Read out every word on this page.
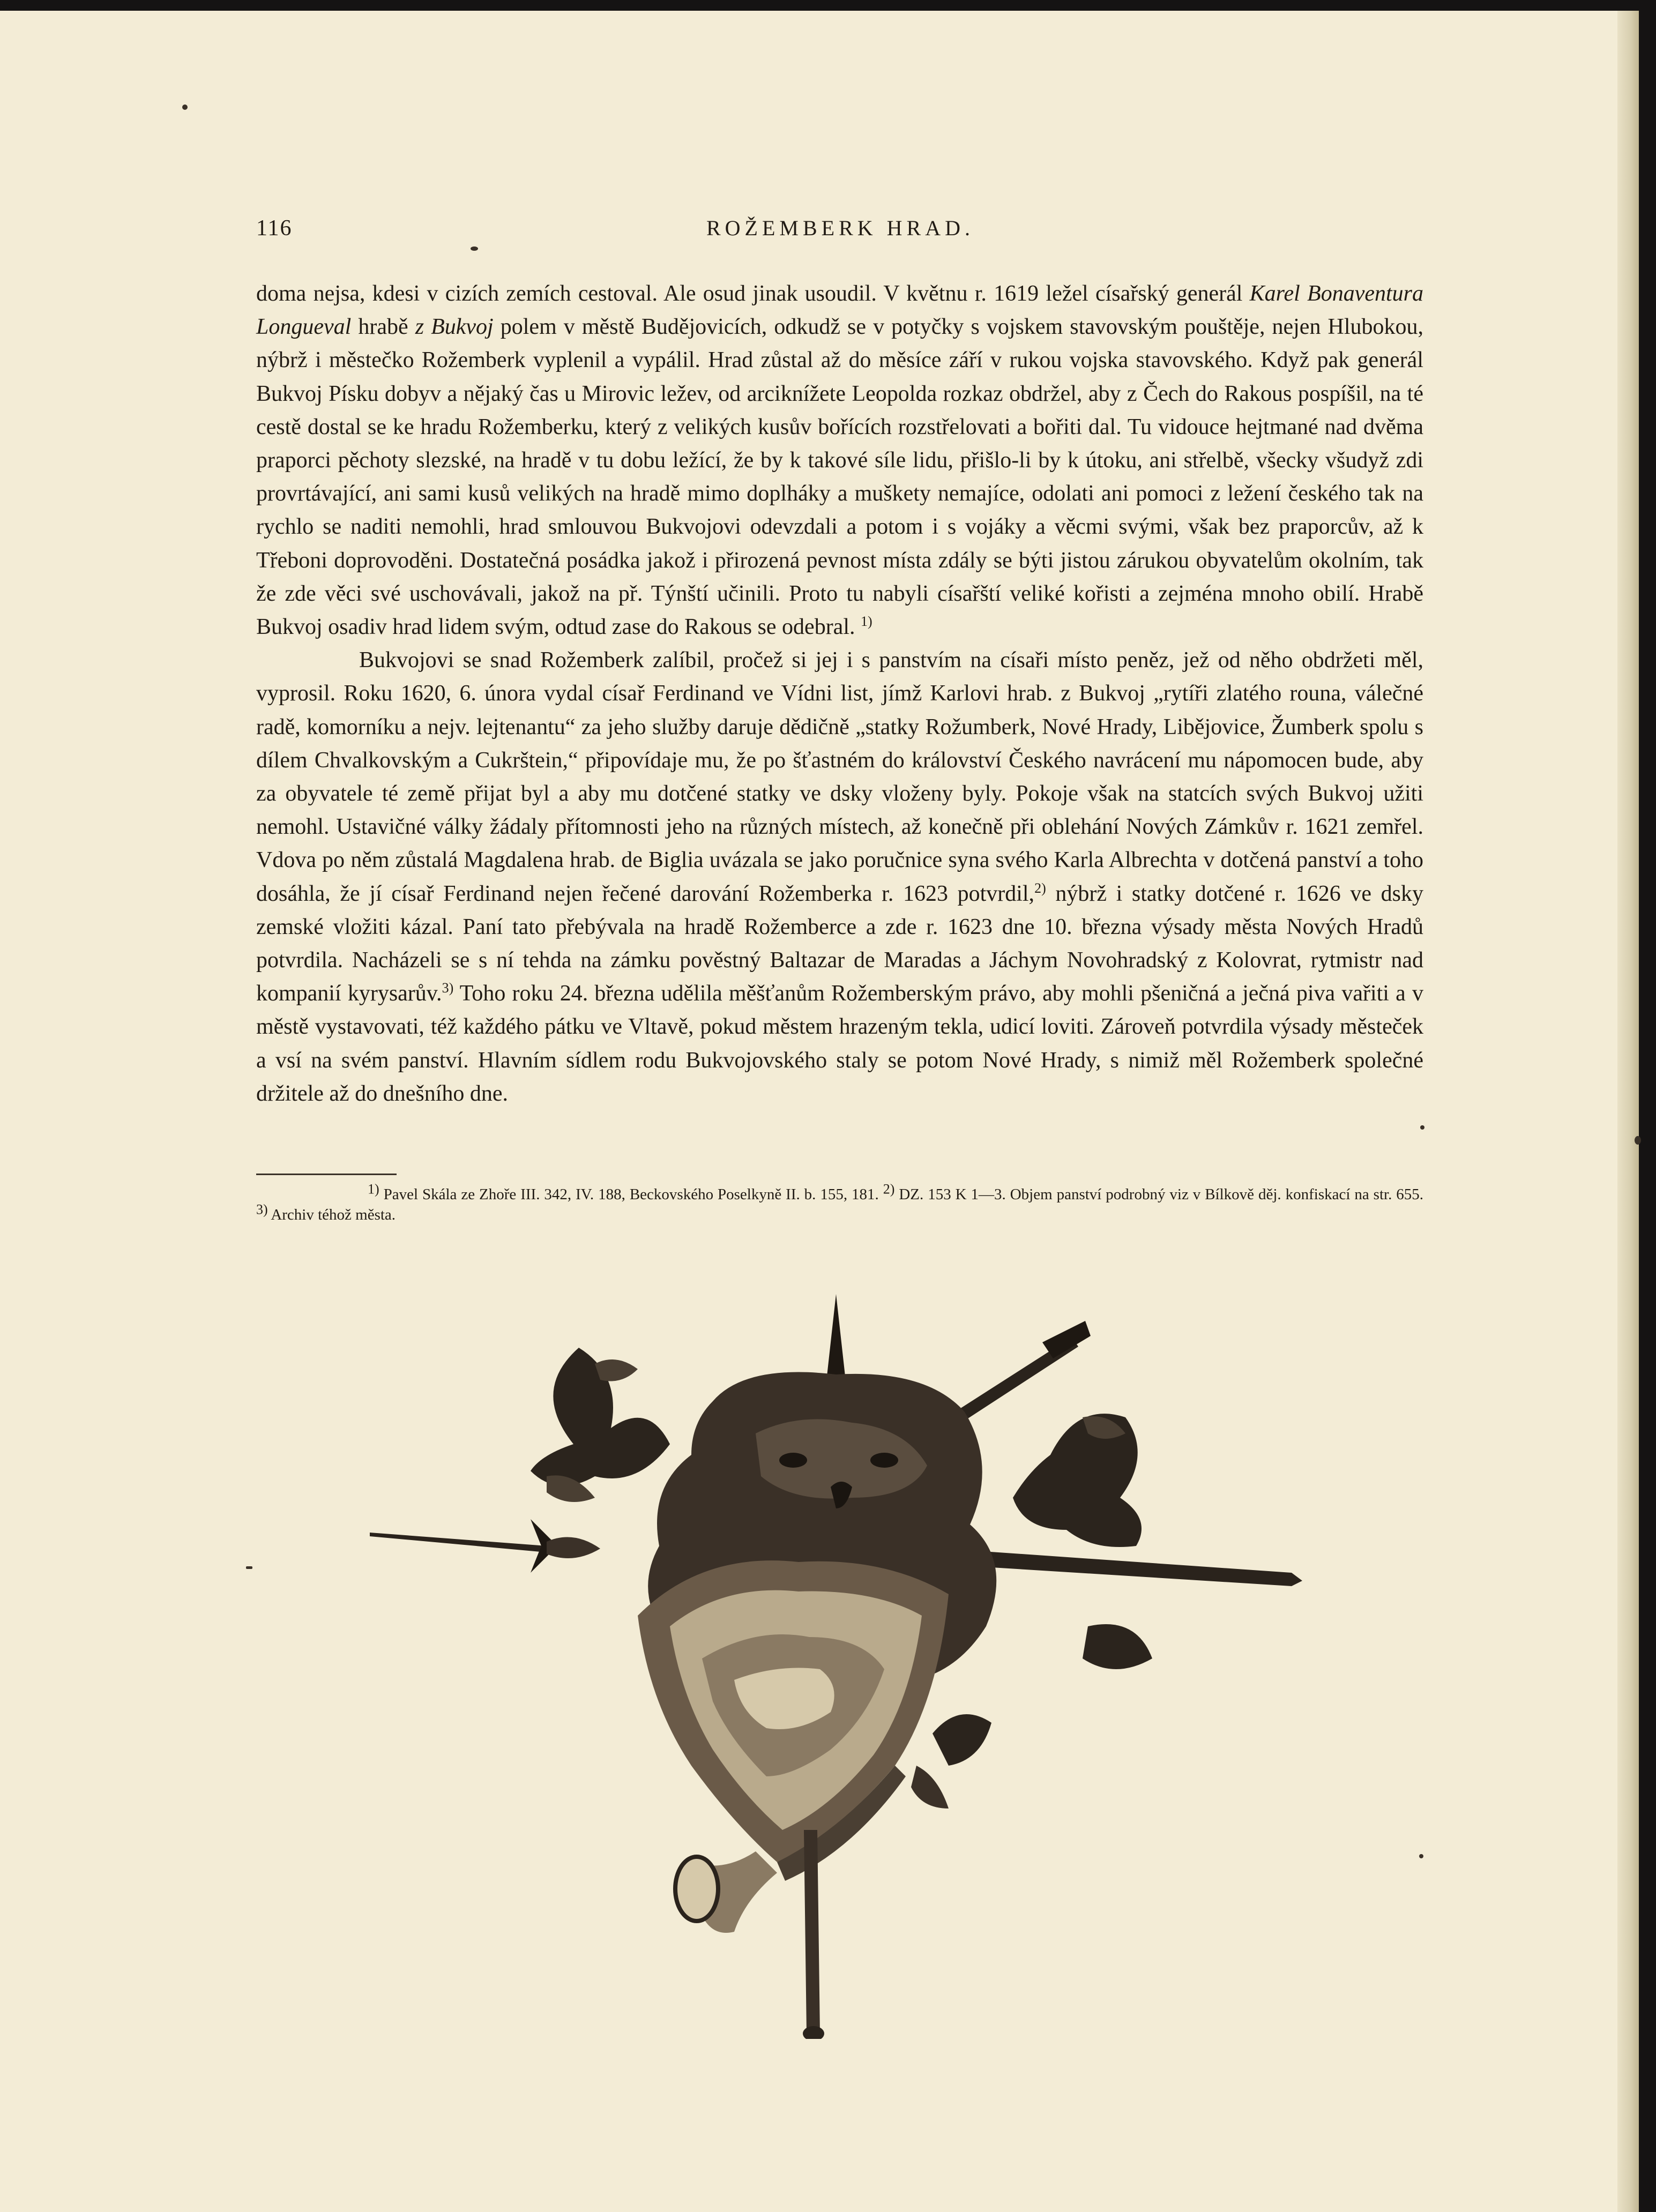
116	ROŽEMBERK HRAD.

doma nejsa, kdesi v cizích zemích cestoval. Ale osud jinak usoudil. V květnu r. 1619 ležel císařský generál Karel Bonaventura Longueval hrabě z Bukvoj polem v městě Budějovicích, odkudž se v potyčky s vojskem stavovským pouštěje, nejen Hlubokou, nýbrž i městečko Rožemberk vyplenil a vypálil. Hrad zůstal až do měsíce září v rukou vojska stavovského. Když pak generál Bukvoj Písku dobyv a nějaký čas u Mirovic ležev, od arciknížete Leopolda rozkaz obdržel, aby z Čech do Rakous pospíšil, na té cestě dostal se ke hradu Rožemberku, který z velikých kusův bořících rozstřelovati a bořiti dal. Tu vidouce hejtmané nad dvěma praporci pěchoty slezské, na hradě v tu dobu ležící, že by k takové síle lidu, přišlo-li by k útoku, ani střelbě, všecky všudyž zdi provrtávající, ani sami kusů velikých na hradě mimo doplháky a muškety nemajíce, odolati ani pomoci z ležení českého tak na rychlo se naditi nemohli, hrad smlouvou Bukvojovi odevzdali a potom i s vojáky a věcmi svými, však bez praporcův, až k Třeboni doprovoděni. Dostatečná posádka jakož i přirozená pevnost místa zdály se býti jistou zárukou obyvatelům okolním, tak že zde věci své uschovávali, jakož na př. Týnští učinili. Proto tu nabyli císařští veliké kořisti a zejména mnoho obilí. Hrabě Bukvoj osadiv hrad lidem svým, odtud zase do Rakous se odebral. $^{1)}$

Bukvojovi se snad Rožemberk zalíbil, pročež si jej i s panstvím na císaři místo peněz, jež od něho obdržeti měl, vyprosil. Roku 1620, 6. února vydal císař Ferdinand ve Vídni list, jímž Karlovi hrab. z Bukvoj „rytíři zlatého rouna, válečné radě, komorníku a nejv. lejtenantu“ za jeho služby daruje dědičně „statky Rožumberk, Nové Hrady, Libějovice, Žumberk spolu s dílem Chvalkovským a Cukrštein,“ připovídaje mu, že po šťastném do království Českého navrácení mu nápomocen bude, aby za obyvatele té země přijat byl a aby mu dotčené statky ve dsky vloženy byly. Pokoje však na statcích svých Bukvoj užiti nemohl. Ustavičné války žádaly přítomnosti jeho na různých místech, až konečně při oblehání Nových Zámkův r. 1621 zemřel. Vdova po něm zůstalá Magdalena hrab. de Biglia uvázala se jako poručnice syna svého Karla Albrechta v dotčená panství a toho dosáhla, že jí císař Ferdinand nejen řečené darování Rožemberka r. 1623 potvrdil,$^{2)}$ nýbrž i statky dotčené r. 1626 ve dsky zemské vložiti kázal. Paní tato přebývala na hradě Rožemberce a zde r. 1623 dne 10. března výsady města Nových Hradů potvrdila. Nacházeli se s ní tehda na zámku pověstný Baltazar de Maradas a Jáchym Novohradský z Kolovrat, rytmistr nad kompanií kyrysarův.$^{3)}$ Toho roku 24. března udělila měšťanům Rožemberským právo, aby mohli pšeničná a ječná piva vařiti a v městě vystavovati, též každého pátku ve Vltavě, pokud městem hrazeným tekla, udicí loviti. Zároveň potvrdila výsady městeček a vsí na svém panství. Hlavním sídlem rodu Bukvojovského staly se potom Nové Hrady, s nimiž měl Rožemberk společné držitele až do dnešního dne.

$^{1)}$ Pavel Skála ze Zhoře III. 342, IV. 188, Beckovského Poselkyně II. b. 155, 181. $^{2)}$ DZ. 153 K 1—3. Objem panství podrobný viz v Bílkově děj. konfiskací na str. 655. $^{3)}$ Archiv téhož města.
